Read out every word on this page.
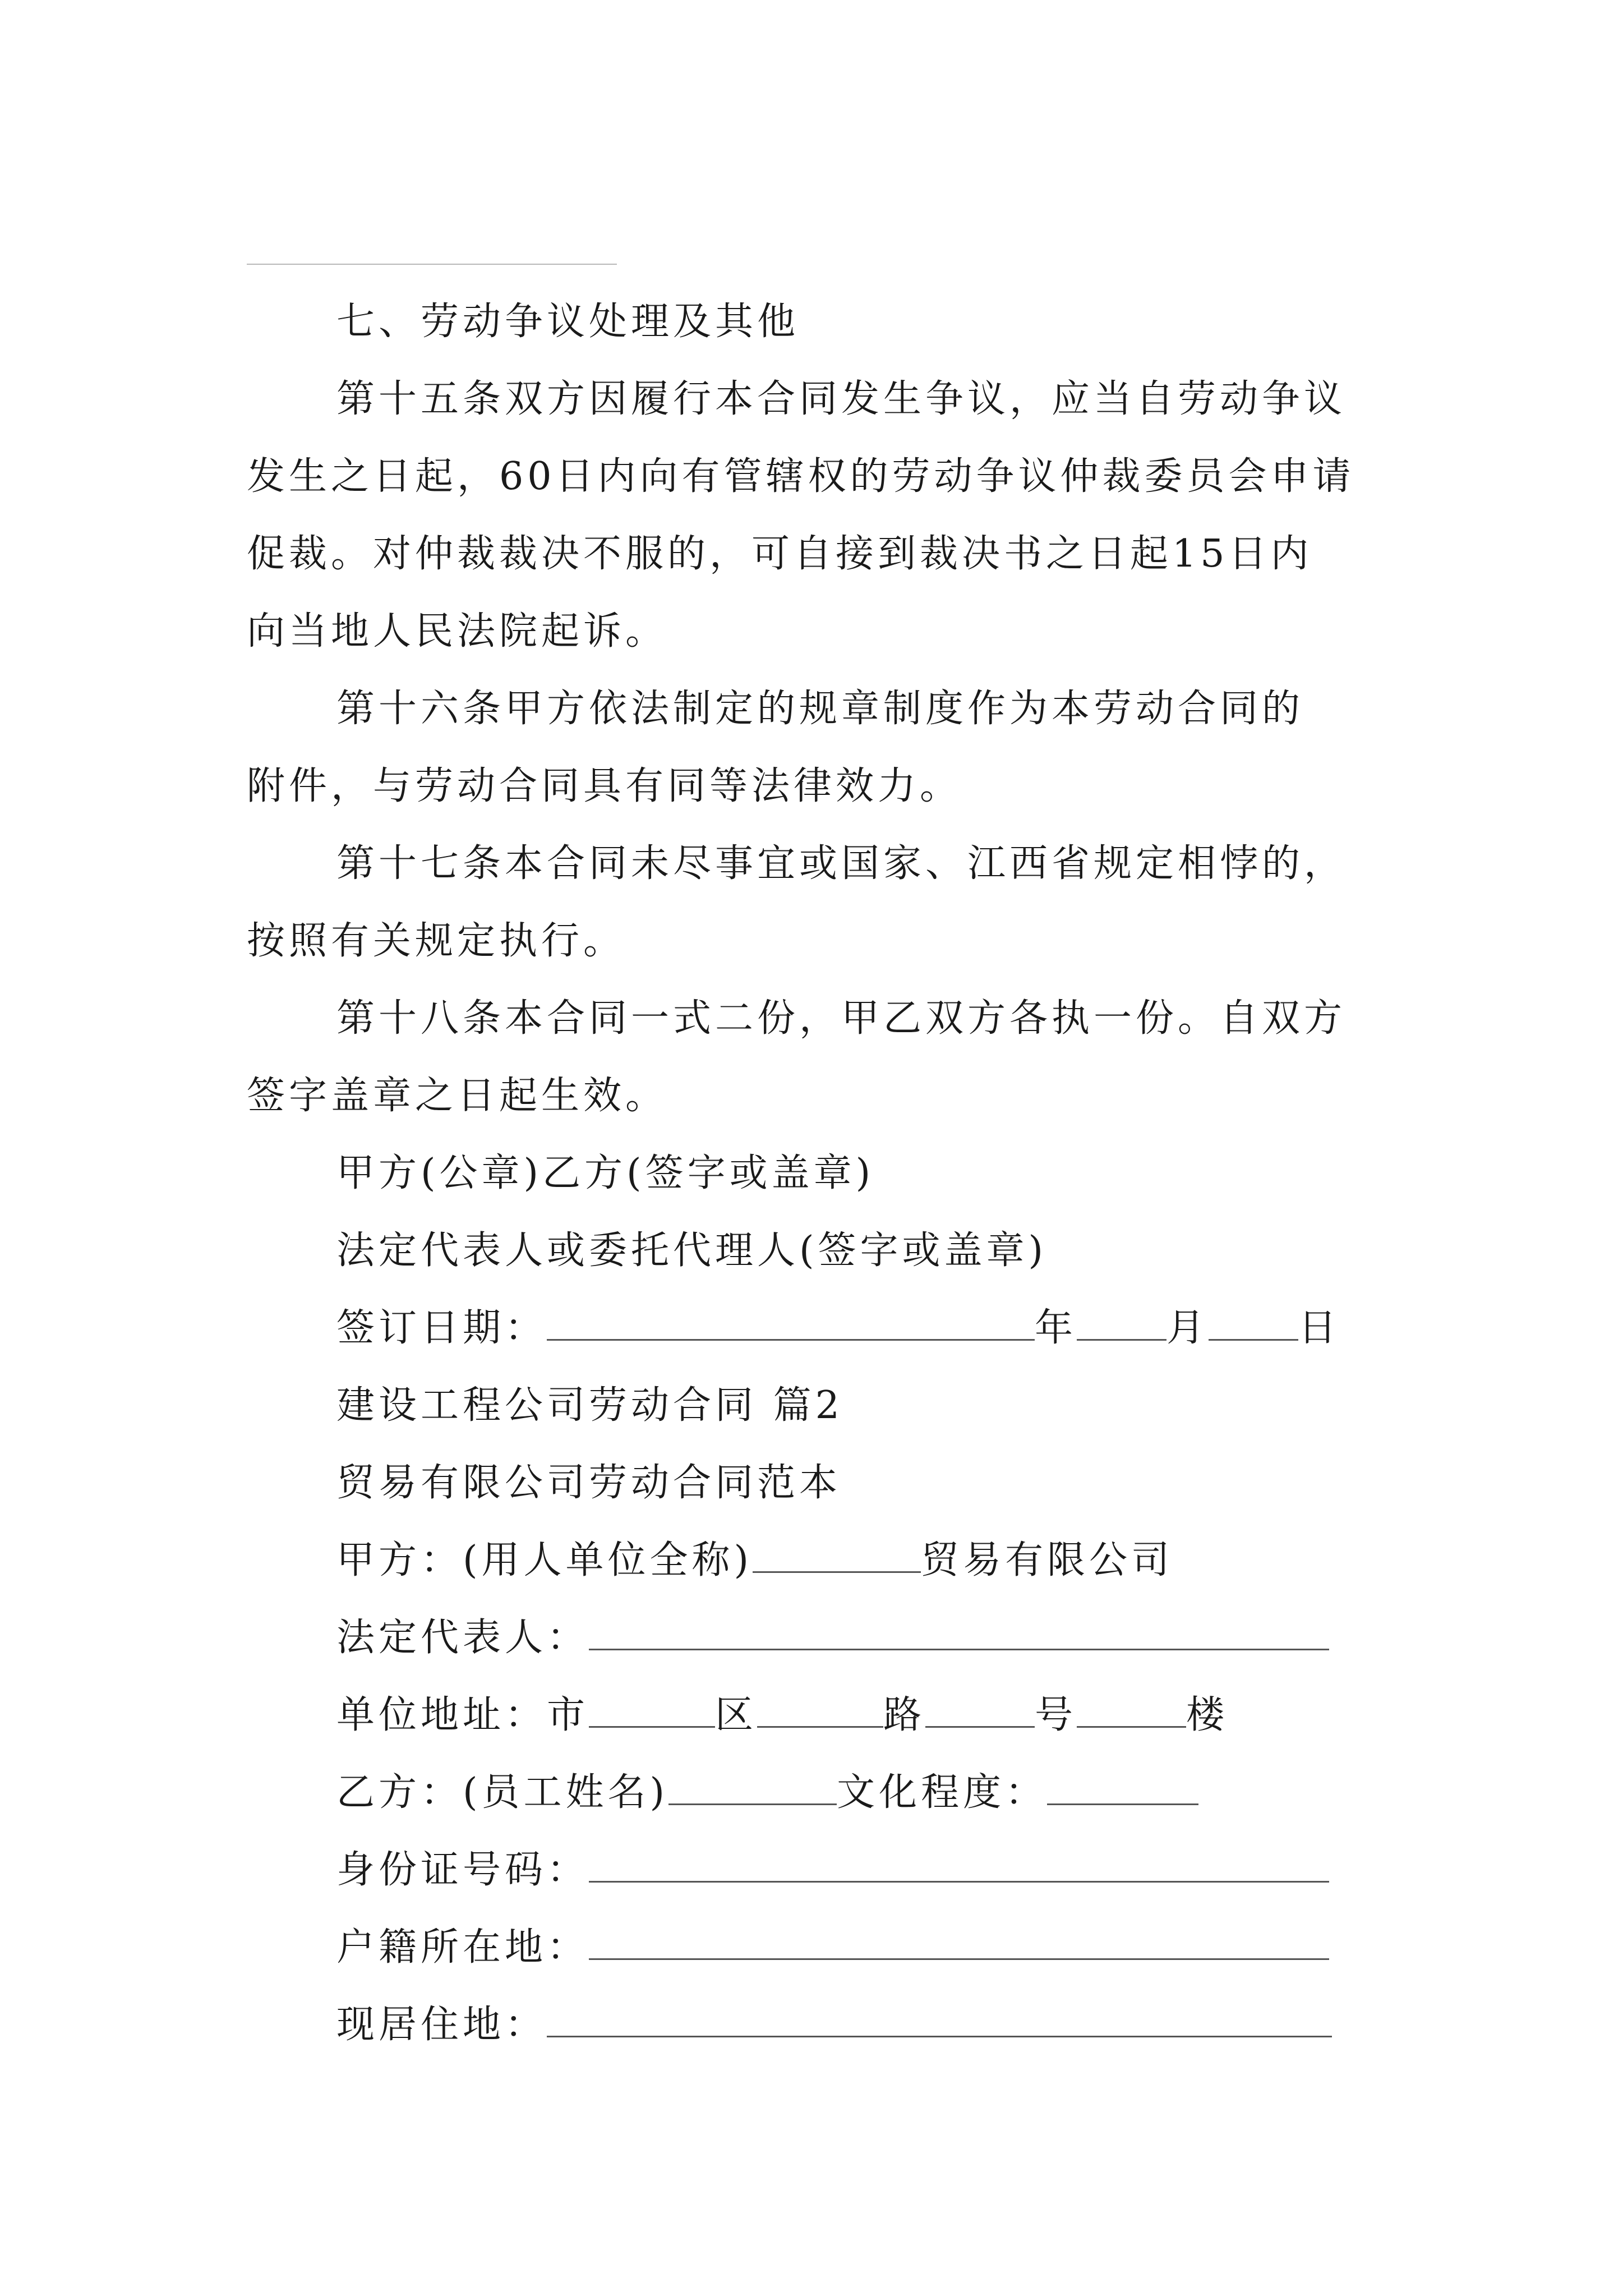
七、劳动争议处理及其他

第十五条双方因履行本合同发生争议，应当自劳动争议

发生之日起，60日内向有管辖权的劳动争议仲裁委员会申请

促裁。对仲裁裁决不服的，可自接到裁决书之日起15日内

向当地人民法院起诉。

第十六条甲方依法制定的规章制度作为本劳动合同的

附件，与劳动合同具有同等法律效力。

第十七条本合同未尽事宜或国家、江西省规定相悖的，

按照有关规定执行。

第十八条本合同一式二份，甲乙双方各执一份。自双方

签字盖章之日起生效。

甲方(公章)乙方(签字或盖章)

法定代表人或委托代理人(签字或盖章)

签订日期：	年 月 日

建设工程公司劳动合同 篇2

贸易有限公司劳动合同范本

甲方：(用人单位全称)	贸易有限公司

法定代表人：

单位地址：市	区	路	号	楼

乙方：(员工姓名)	文化程度：

身份证号码：

户籍所在地：

现居住地：
